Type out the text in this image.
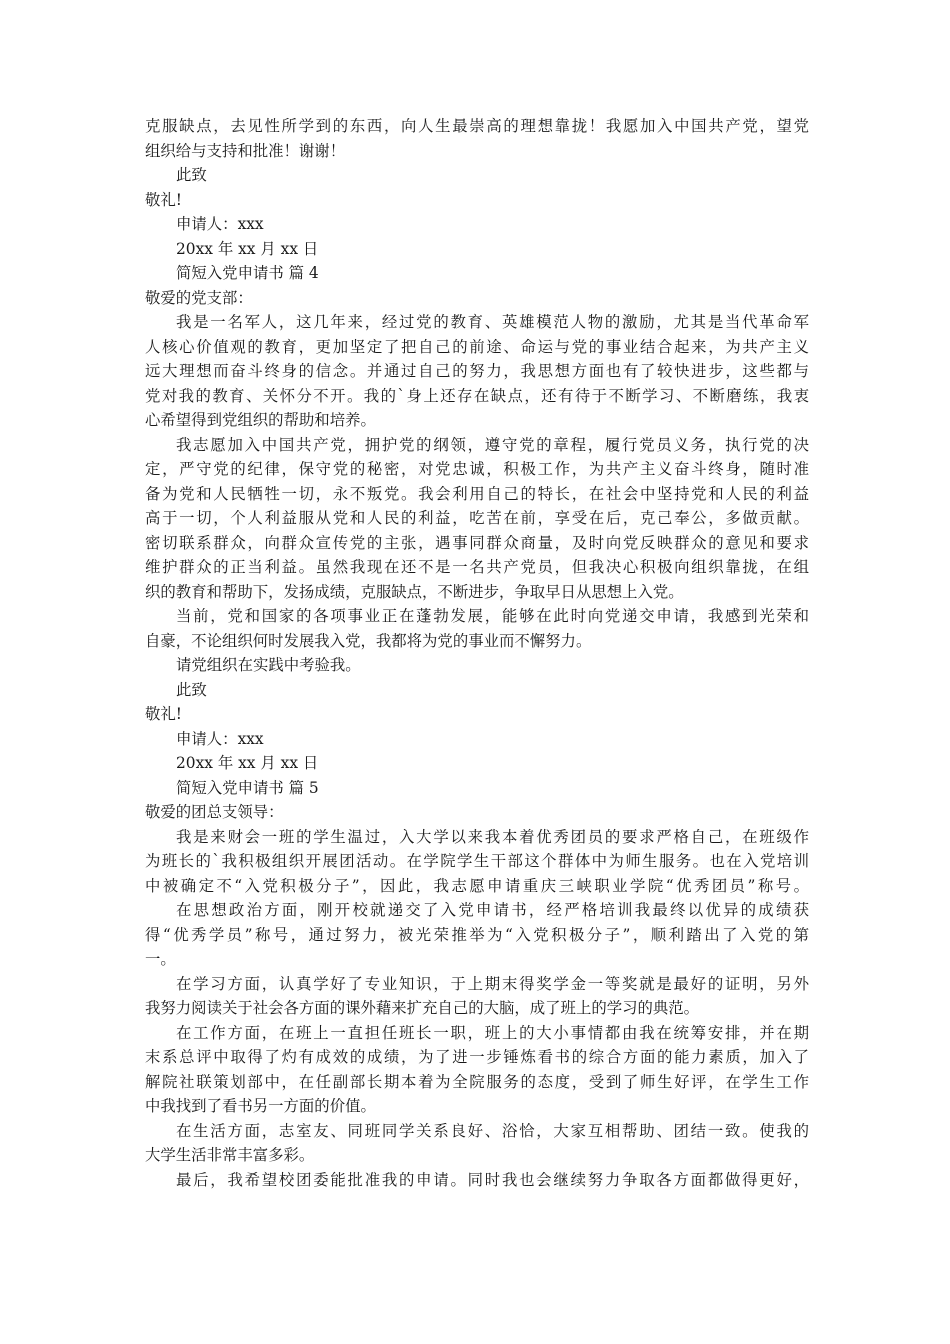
克服缺点，去见性所学到的东西，向人生最崇高的理想靠拢！我愿加入中国共产党，望党

组织给与支持和批准！谢谢！

此致

敬礼!

申请人：xxx

20xx 年 xx 月 xx 日

简短入党申请书 篇 4

敬爱的党支部：

我是一名军人，这几年来，经过党的教育、英雄模范人物的激励，尤其是当代革命军

人核心价值观的教育，更加坚定了把自己的前途、命运与党的事业结合起来，为共产主义

远大理想而奋斗终身的信念。并通过自己的努力，我思想方面也有了较快进步，这些都与

党对我的教育、关怀分不开。我的`身上还存在缺点，还有待于不断学习、不断磨练，我衷

心希望得到党组织的帮助和培养。

我志愿加入中国共产党，拥护党的纲领，遵守党的章程，履行党员义务，执行党的决

定，严守党的纪律，保守党的秘密，对党忠诚，积极工作，为共产主义奋斗终身，随时准

备为党和人民牺牲一切，永不叛党。我会利用自己的特长，在社会中坚持党和人民的利益

高于一切，个人利益服从党和人民的利益，吃苦在前，享受在后，克己奉公，多做贡献。

密切联系群众，向群众宣传党的主张，遇事同群众商量，及时向党反映群众的意见和要求

维护群众的正当利益。虽然我现在还不是一名共产党员，但我决心积极向组织靠拢，在组

织的教育和帮助下，发扬成绩，克服缺点，不断进步，争取早日从思想上入党。

当前，党和国家的各项事业正在蓬勃发展，能够在此时向党递交申请，我感到光荣和

自豪，不论组织何时发展我入党，我都将为党的事业而不懈努力。

请党组织在实践中考验我。

此致

敬礼!

申请人：xxx

20xx 年 xx 月 xx 日

简短入党申请书 篇 5

敬爱的团总支领导：

我是来财会一班的学生温过，入大学以来我本着优秀团员的要求严格自己，在班级作

为班长的`我积极组织开展团活动。在学院学生干部这个群体中为师生服务。也在入党培训

中被确定不“入党积极分子”，因此，我志愿申请重庆三峡职业学院“优秀团员”称号。

在思想政治方面，刚开校就递交了入党申请书，经严格培训我最终以优异的成绩获

得“优秀学员”称号，通过努力，被光荣推举为“入党积极分子”，顺利踏出了入党的第

一。

在学习方面，认真学好了专业知识，于上期末得奖学金一等奖就是最好的证明，另外

我努力阅读关于社会各方面的课外藉来扩充自己的大脑，成了班上的学习的典范。

在工作方面，在班上一直担任班长一职，班上的大小事情都由我在统筹安排，并在期

末系总评中取得了灼有成效的成绩，为了进一步锤炼看书的综合方面的能力素质，加入了

解院社联策划部中，在任副部长期本着为全院服务的态度，受到了师生好评，在学生工作

中我找到了看书另一方面的价值。

在生活方面，志室友、同班同学关系良好、浴恰，大家互相帮助、团结一致。使我的

大学生活非常丰富多彩。

最后，我希望校团委能批准我的申请。同时我也会继续努力争取各方面都做得更好，
